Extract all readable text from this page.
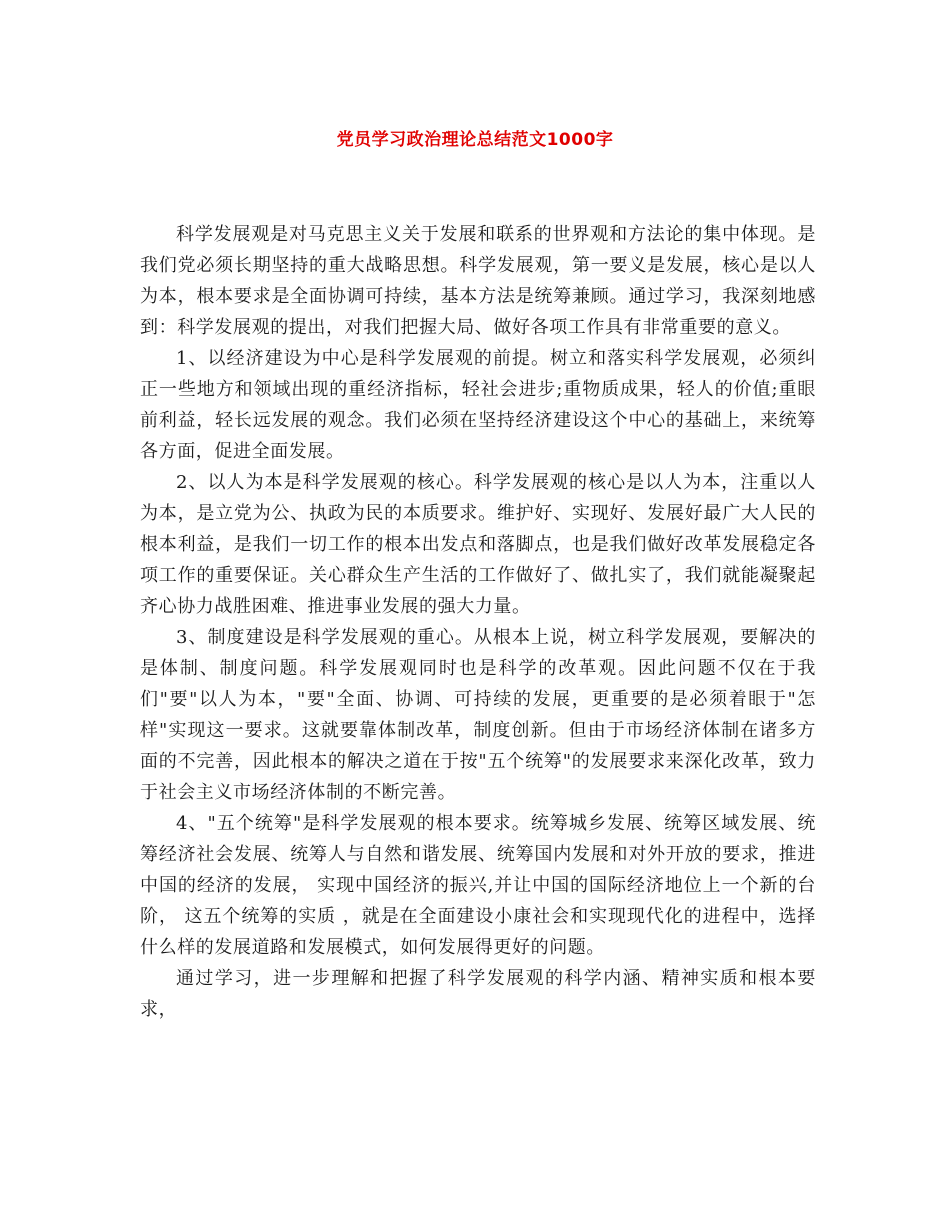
党员学习政治理论总结范文1000字

科学发展观是对马克思主义关于发展和联系的世界观和方法论的集中体现。是我们党必须长期坚持的重大战略思想。科学发展观，第一要义是发展，核心是以人为本，根本要求是全面协调可持续，基本方法是统筹兼顾。通过学习，我深刻地感到：科学发展观的提出，对我们把握大局、做好各项工作具有非常重要的意义。

1、以经济建设为中心是科学发展观的前提。树立和落实科学发展观，必须纠正一些地方和领域出现的重经济指标，轻社会进步;重物质成果，轻人的价值;重眼前利益，轻长远发展的观念。我们必须在坚持经济建设这个中心的基础上，来统筹各方面，促进全面发展。

2、以人为本是科学发展观的核心。科学发展观的核心是以人为本，注重以人为本，是立党为公、执政为民的本质要求。维护好、实现好、发展好最广大人民的根本利益，是我们一切工作的根本出发点和落脚点，也是我们做好改革发展稳定各项工作的重要保证。关心群众生产生活的工作做好了、做扎实了，我们就能凝聚起齐心协力战胜困难、推进事业发展的强大力量。

3、制度建设是科学发展观的重心。从根本上说，树立科学发展观，要解决的是体制、制度问题。科学发展观同时也是科学的改革观。因此问题不仅在于我们"要"以人为本，"要"全面、协调、可持续的发展，更重要的是必须着眼于"怎样"实现这一要求。这就要靠体制改革，制度创新。但由于市场经济体制在诸多方面的不完善，因此根本的解决之道在于按"五个统筹"的发展要求来深化改革，致力于社会主义市场经济体制的不断完善。

4、"五个统筹"是科学发展观的根本要求。统筹城乡发展、统筹区域发展、统筹经济社会发展、统筹人与自然和谐发展、统筹国内发展和对外开放的要求，推进中国的经济的发展， 实现中国经济的振兴,并让中国的国际经济地位上一个新的台阶， 这五个统筹的实质 ，就是在全面建设小康社会和实现现代化的进程中，选择什么样的发展道路和发展模式，如何发展得更好的问题。

通过学习，进一步理解和把握了科学发展观的科学内涵、精神实质和根本要求，
